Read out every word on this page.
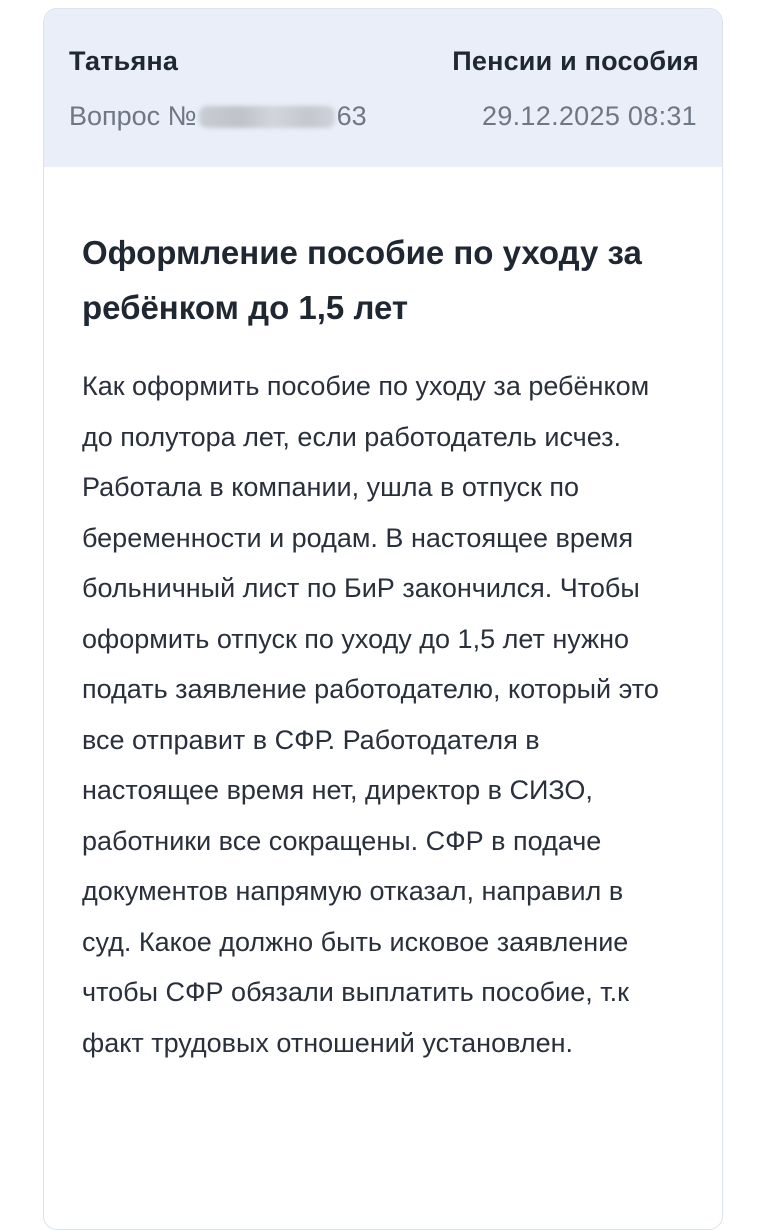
Татьяна	Пенсии и пособия
Вопрос №	63	29.12.2025 08:31
Оформление пособие по уходу за ребёнком до 1,5 лет

Как оформить пособие по уходу за ребёнком до полутора лет, если работодатель исчез.

Работала в компании, ушла в отпуск по беременности и родам. В настоящее время больничный лист по БиР закончился. Чтобы оформить отпуск по уходу до 1,5 лет нужно подать заявление работодателю, который это все отправит в СФР. Работодателя в настоящее время нет, директор в СИЗО, работники все сокращены. СФР в подаче документов напрямую отказал, направил в суд. Какое должно быть исковое заявление чтобы СФР обязали выплатить пособие, т.к факт трудовых отношений установлен.
